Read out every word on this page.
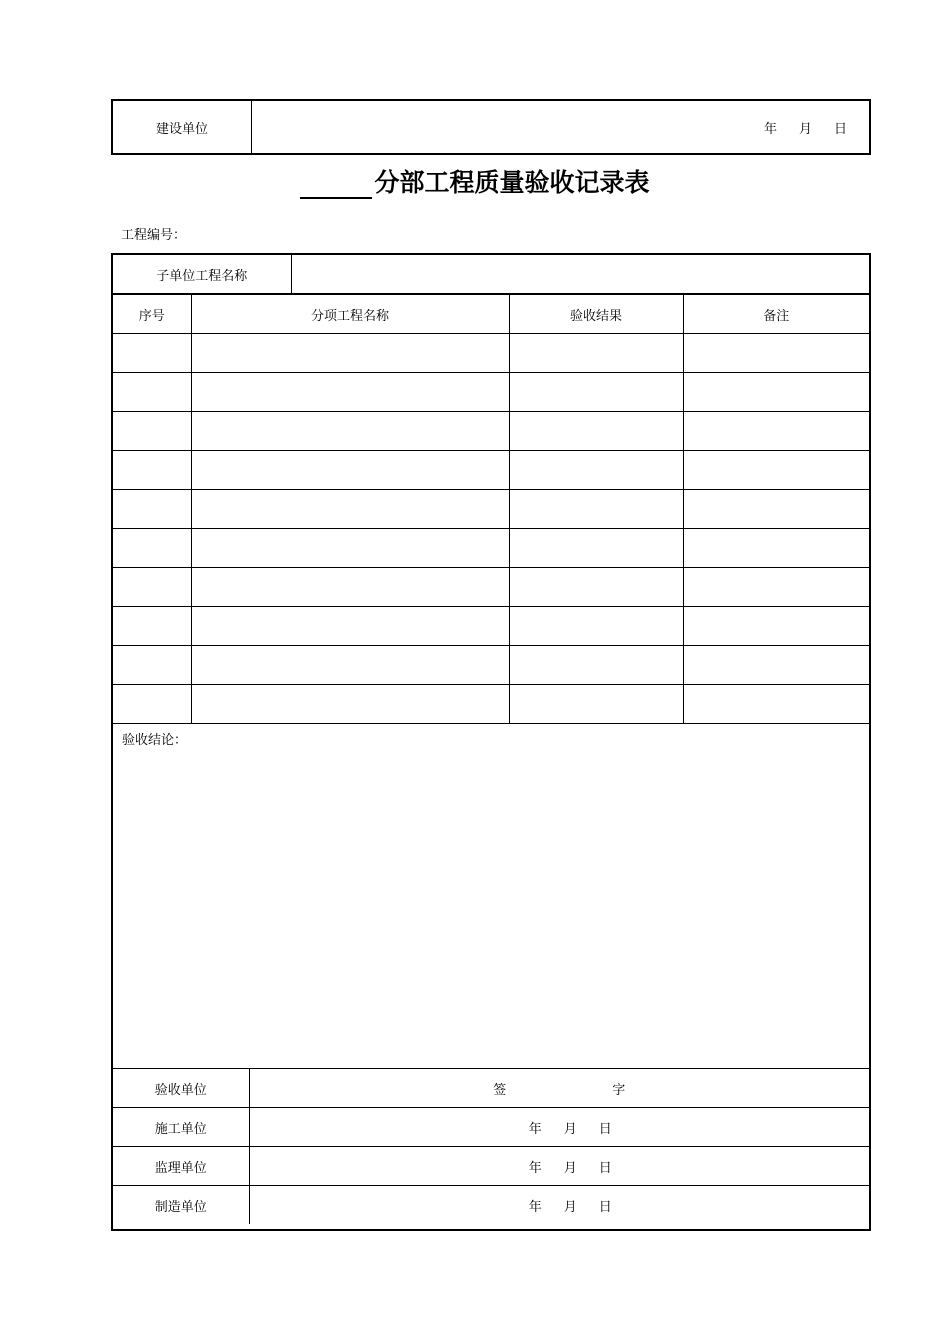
建设单位	年 月 日
分部工程质量验收记录表
工程编号：
子单位工程名称	
序号	分项工程名称	验收结果	备注

验收结论：
验收单位	签 字
施工单位	年 月 日
监理单位	年 月 日
制造单位	年 月 日
